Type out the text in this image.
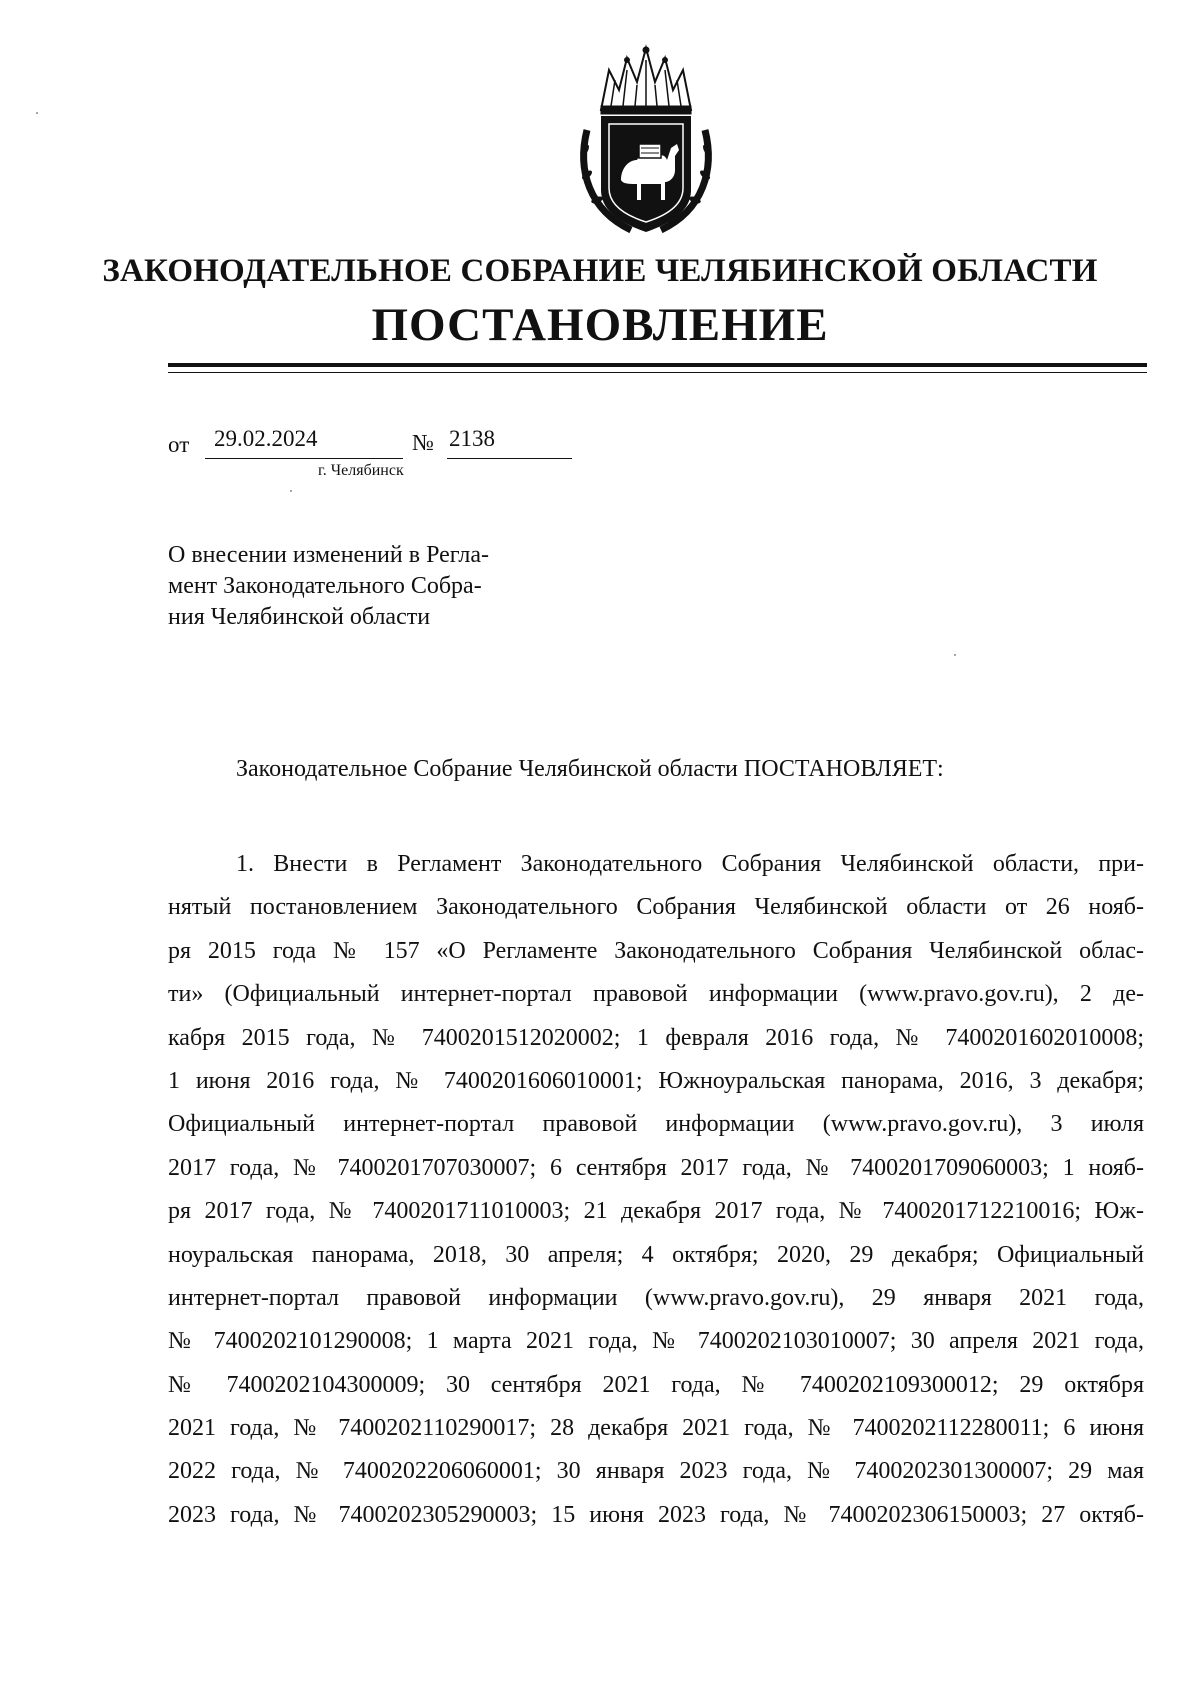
ЗАКОНОДАТЕЛЬНОЕ СОБРАНИЕ ЧЕЛЯБИНСКОЙ ОБЛАСТИ
ПОСТАНОВЛЕНИЕ
от 29.02.2024	№ 2138
г. Челябинск
О внесении изменений в Регла-
мент Законодательного Собра-
ния Челябинской области
Законодательное Собрание Челябинской области ПОСТАНОВЛЯЕТ:
1. Внести в Регламент Законодательного Собрания Челябинской области, при-
нятый постановлением Законодательного Собрания Челябинской области от 26 нояб-
ря 2015 года № 157 «О Регламенте Законодательного Собрания Челябинской облас-
ти» (Официальный интернет-портал правовой информации (www.pravo.gov.ru), 2 де-
кабря 2015 года, № 7400201512020002; 1 февраля 2016 года, № 7400201602010008;
1 июня 2016 года, № 7400201606010001; Южноуральская панорама, 2016, 3 декабря;
Официальный интернет-портал правовой информации (www.pravo.gov.ru), 3 июля
2017 года, № 7400201707030007; 6 сентября 2017 года, № 7400201709060003; 1 нояб-
ря 2017 года, № 7400201711010003; 21 декабря 2017 года, № 7400201712210016; Юж-
ноуральская панорама, 2018, 30 апреля; 4 октября; 2020, 29 декабря; Официальный
интернет-портал правовой информации (www.pravo.gov.ru), 29 января 2021 года,
№ 7400202101290008; 1 марта 2021 года, № 7400202103010007; 30 апреля 2021 года,
№ 7400202104300009; 30 сентября 2021 года, № 7400202109300012; 29 октября
2021 года, № 7400202110290017; 28 декабря 2021 года, № 7400202112280011; 6 июня
2022 года, № 7400202206060001; 30 января 2023 года, № 7400202301300007; 29 мая
2023 года, № 7400202305290003; 15 июня 2023 года, № 7400202306150003; 27 октяб-
